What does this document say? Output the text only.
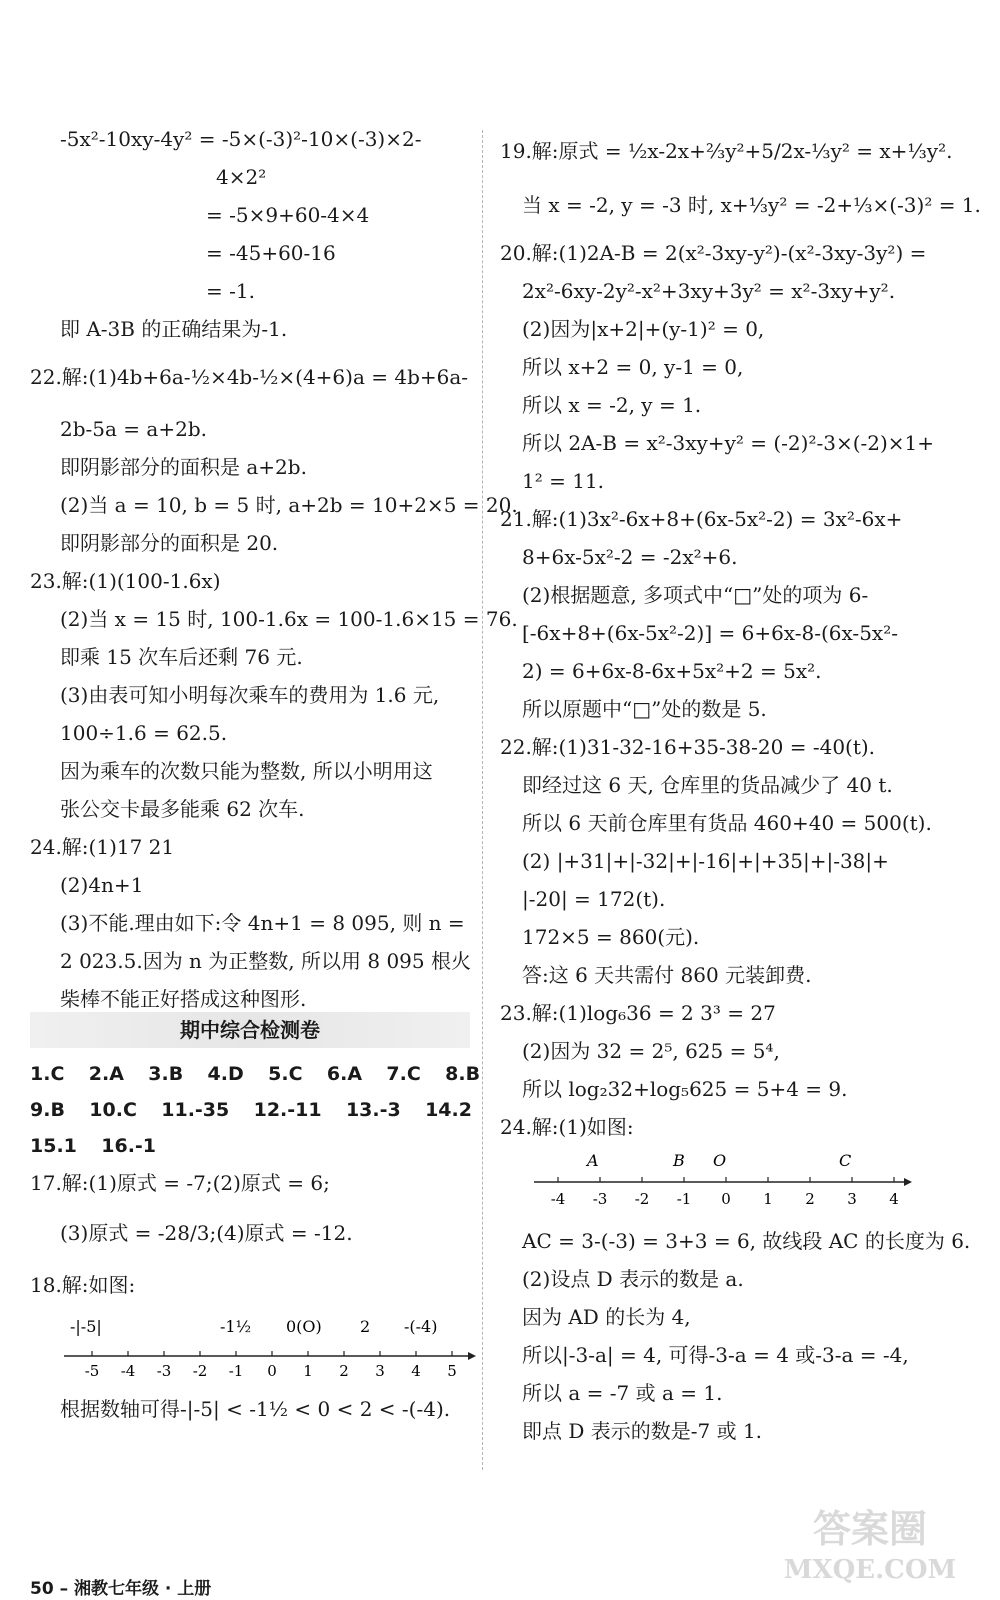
-5x²-10xy-4y² = -5×(-3)²-10×(-3)×2-
4×2²
= -5×9+60-4×4
= -45+60-16
= -1.
即 A-3B 的正确结果为-1.
22.解:(1)4b+6a-½×4b-½×(4+6)a = 4b+6a-
2b-5a = a+2b.
即阴影部分的面积是 a+2b.
(2)当 a = 10, b = 5 时, a+2b = 10+2×5 = 20.
即阴影部分的面积是 20.
23.解:(1)(100-1.6x)
(2)当 x = 15 时, 100-1.6x = 100-1.6×15 = 76.
即乘 15 次车后还剩 76 元.
(3)由表可知小明每次乘车的费用为 1.6 元,
100÷1.6 = 62.5.
因为乘车的次数只能为整数, 所以小明用这
张公交卡最多能乘 62 次车.
24.解:(1)17 21
(2)4n+1
(3)不能.理由如下:令 4n+1 = 8 095, 则 n =
2 023.5.因为 n 为正整数, 所以用 8 095 根火
柴棒不能正好搭成这种图形.
期中综合检测卷
1.C 2.A 3.B 4.D 5.C 6.A 7.C 8.B
9.B 10.C 11.-35 12.-11 13.-3 14.2
15.1 16.-1
17.解:(1)原式 = -7;(2)原式 = 6;
(3)原式 = -28/3;(4)原式 = -12.
18.解:如图:
-5 -4 -3 -2 -1 0 1 2 3 4 5
-|-5|	-1½ 0(O) 2 -(-4)
根据数轴可得-|-5| < -1½ < 0 < 2 < -(-4).
50 – 湘教七年级 · 上册
19.解:原式 = ½x-2x+⅔y²+5/2x-⅓y² = x+⅓y².
当 x = -2, y = -3 时, x+⅓y² = -2+⅓×(-3)² = 1.
20.解:(1)2A-B = 2(x²-3xy-y²)-(x²-3xy-3y²) =
2x²-6xy-2y²-x²+3xy+3y² = x²-3xy+y².
(2)因为|x+2|+(y-1)² = 0,
所以 x+2 = 0, y-1 = 0,
所以 x = -2, y = 1.
所以 2A-B = x²-3xy+y² = (-2)²-3×(-2)×1+
1² = 11.
21.解:(1)3x²-6x+8+(6x-5x²-2) = 3x²-6x+
8+6x-5x²-2 = -2x²+6.
(2)根据题意, 多项式中“□”处的项为 6-
[-6x+8+(6x-5x²-2)] = 6+6x-8-(6x-5x²-
2) = 6+6x-8-6x+5x²+2 = 5x².
所以原题中“□”处的数是 5.
22.解:(1)31-32-16+35-38-20 = -40(t).
即经过这 6 天, 仓库里的货品减少了 40 t.
所以 6 天前仓库里有货品 460+40 = 500(t).
(2) |+31|+|-32|+|-16|+|+35|+|-38|+
|-20| = 172(t).
172×5 = 860(元).
答:这 6 天共需付 860 元装卸费.
23.解:(1)log₆36 = 2 3³ = 27
(2)因为 32 = 2⁵, 625 = 5⁴,
所以 log₂32+log₅625 = 5+4 = 9.
24.解:(1)如图:
-4 -3 -2 -1 0 1 2 3 4
A	B O	C
AC = 3-(-3) = 3+3 = 6, 故线段 AC 的长度为 6.
(2)设点 D 表示的数是 a.
因为 AD 的长为 4,
所以|-3-a| = 4, 可得-3-a = 4 或-3-a = -4,
所以 a = -7 或 a = 1.
即点 D 表示的数是-7 或 1.
答案圈
MXQE.COM
